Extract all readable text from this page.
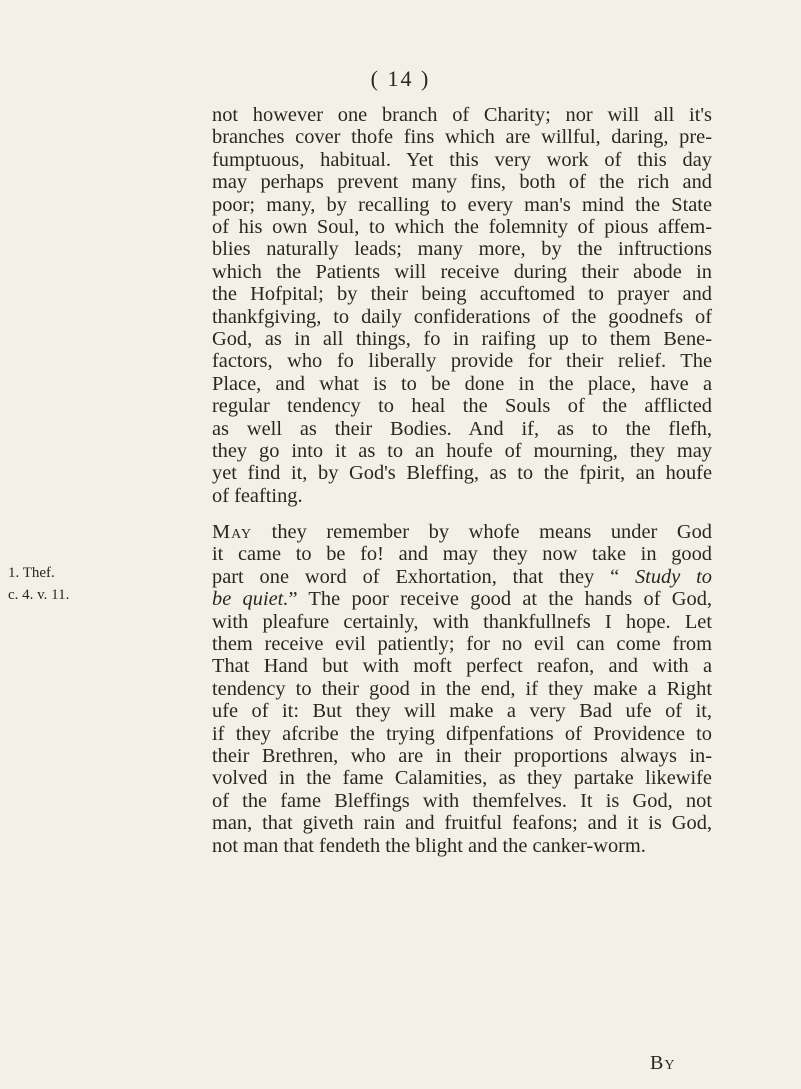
( 14 )
not however one branch of Charity; nor will all it's
branches cover thofe fins which are willful, daring, pre-
fumptuous, habitual. Yet this very work of this day
may perhaps prevent many fins, both of the rich and
poor; many, by recalling to every man's mind the State
of his own Soul, to which the folemnity of pious affem-
blies naturally leads; many more, by the inftructions
which the Patients will receive during their abode in
the Hofpital; by their being accuftomed to prayer and
thankfgiving, to daily confiderations of the goodnefs of
God, as in all things, fo in raifing up to them Bene-
factors, who fo liberally provide for their relief. The
Place, and what is to be done in the place, have a
regular tendency to heal the Souls of the afflicted
as well as their Bodies. And if, as to the flefh,
they go into it as to an houfe of mourning, they may
yet find it, by God's Bleffing, as to the fpirit, an houfe
of feafting.
May they remember by whofe means under God
it came to be fo! and may they now take in good
part one word of Exhortation, that they “ Study to
be quiet.” The poor receive good at the hands of God,
with pleafure certainly, with thankfullnefs I hope. Let
them receive evil patiently; for no evil can come from
That Hand but with moft perfect reafon, and with a
tendency to their good in the end, if they make a Right
ufe of it: But they will make a very Bad ufe of it,
if they afcribe the trying difpenfations of Providence to
their Brethren, who are in their proportions always in-
volved in the fame Calamities, as they partake likewife
of the fame Bleffings with themfelves. It is God, not
man, that giveth rain and fruitful feafons; and it is God,
not man that fendeth the blight and the canker-worm.
1. Thef.
c. 4. v. 11.
By
